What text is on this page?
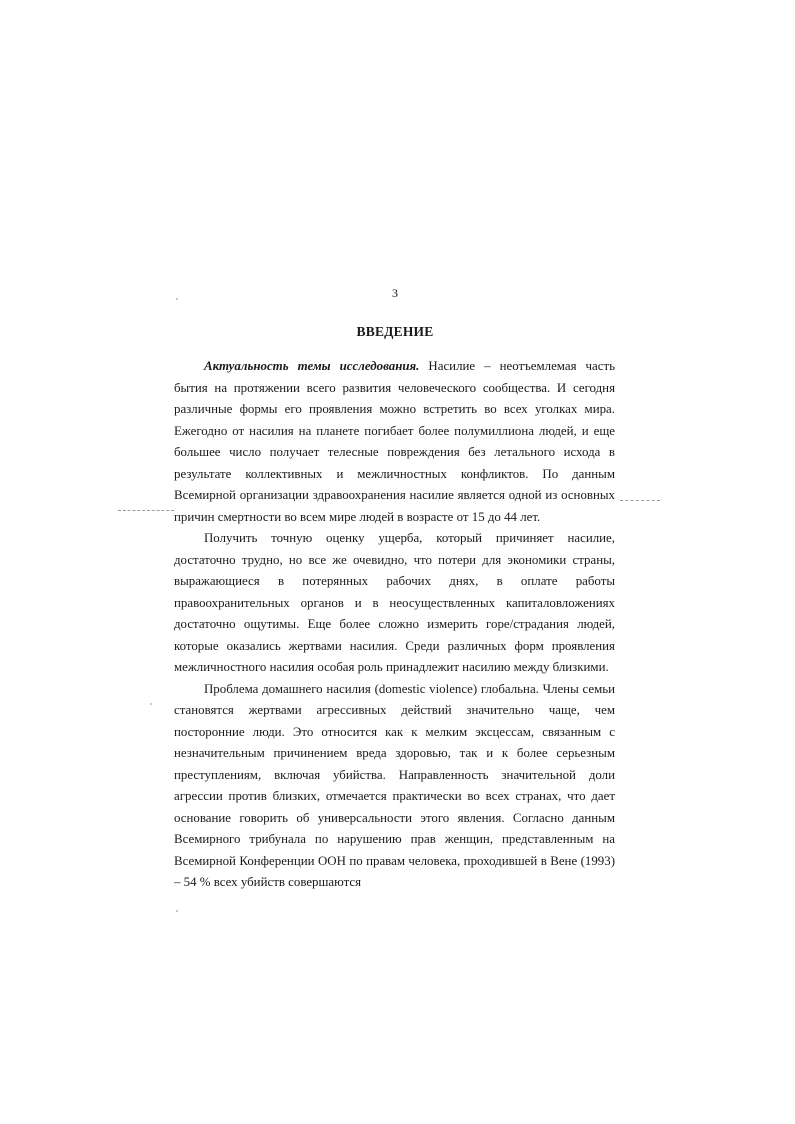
3
ВВЕДЕНИЕ

Актуальность темы исследования. Насилие – неотъемлемая часть бытия на протяжении всего развития человеческого сообщества. И сегодня различные формы его проявления можно встретить во всех уголках мира. Ежегодно от насилия на планете погибает более полумиллиона людей, и еще большее число получает телесные повреждения без летального исхода в результате коллективных и межличностных конфликтов. По данным Всемирной организации здравоохранения насилие является одной из основных причин смертности во всем мире людей в возрасте от 15 до 44 лет.

Получить точную оценку ущерба, который причиняет насилие, достаточно трудно, но все же очевидно, что потери для экономики страны, выражающиеся в потерянных рабочих днях, в оплате работы правоохранительных органов и в неосуществленных капиталовложениях достаточно ощутимы. Еще более сложно измерить горе/страдания людей, которые оказались жертвами насилия. Среди различных форм проявления межличностного насилия особая роль принадлежит насилию между близкими.

Проблема домашнего насилия (domestic violence) глобальна. Члены семьи становятся жертвами агрессивных действий значительно чаще, чем посторонние люди. Это относится как к мелким эксцессам, связанным с незначительным причинением вреда здоровью, так и к более серьезным преступлениям, включая убийства. Направленность значительной доли агрессии против близких, отмечается практически во всех странах, что дает основание говорить об универсальности этого явления. Согласно данным Всемирного трибунала по нарушению прав женщин, представленным на Всемирной Конференции ООН по правам человека, проходившей в Вене (1993) – 54 % всех убийств совершаются
